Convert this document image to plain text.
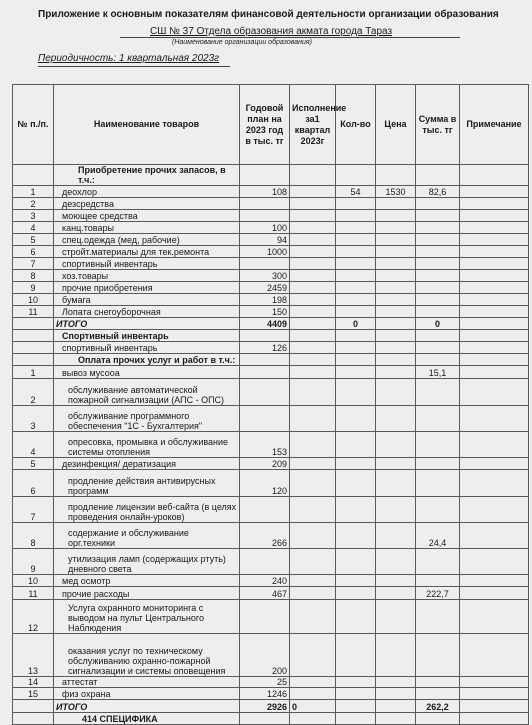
Приложение к основным показателям финансовой деятельности организации образования
СШ № 37 Отдела образования акмата города Тараз
(Наименование организации образования)
Периодичность: 1 квартальная 2023г
№ п./п.	Наименование товаров	Годовой план на 2023 год в тыс. тг	Исполнение за1 квартал 2023г	Кол-во	Цена	Сумма в тыс. тг	Примечание
	Приобретение прочих запасов, в т.ч.:						
1	деохлор	108		54	1530	82,6	
2	дезсредства						
3	моющее средства						
4	канц.товары	100					
5	спец.одежда (мед, рабочие)	94					
6	стройт.материалы для тек.ремонта	1000					
7	спортивный инвентарь						
8	хоз.товары	300					
9	прочие приобретения	2459					
10	бумага	198					
11	Лопата снегоуборочная	150					
	ИТОГО	4409		0		0	
	Спортивный инвентарь						
	спортивный инвентарь	126					
	Оплата прочих услуг и работ в т.ч.:						
1	вывоз мусоoa					15,1	
2	обслуживание автоматической пожарной сигнализации (АПС - ОПС)						
3	обслуживание программного обеспечения "1С - Бухгалтерия"						
4	опресовка, промывка и обслуживание системы отопления	153					
5	дезинфекция/ дератизация	209					
6	продление действия антивирусных программ	120					
7	продление лицензии веб-сайта (в целях проведения онлайн-уроков)						
8	содержание и обслуживание орг.техники	266				24,4	
9	утилизация ламп (содержащих ртуть) дневного света						
10	мед осмотр	240					
11	прочие расходы	467				222,7	
12	Услуга охранного мониторинга с выводом на пульт Центрального Наблюдения						
13	оказания услуг по техническому обслуживанию охранно-пожарной сигнализации и системы оповещения	200					
14	аттестат	25					
15	физ охрана	1246					
	ИТОГО	2926	0			262,2	
	414 СПЕЦИФИКА						
